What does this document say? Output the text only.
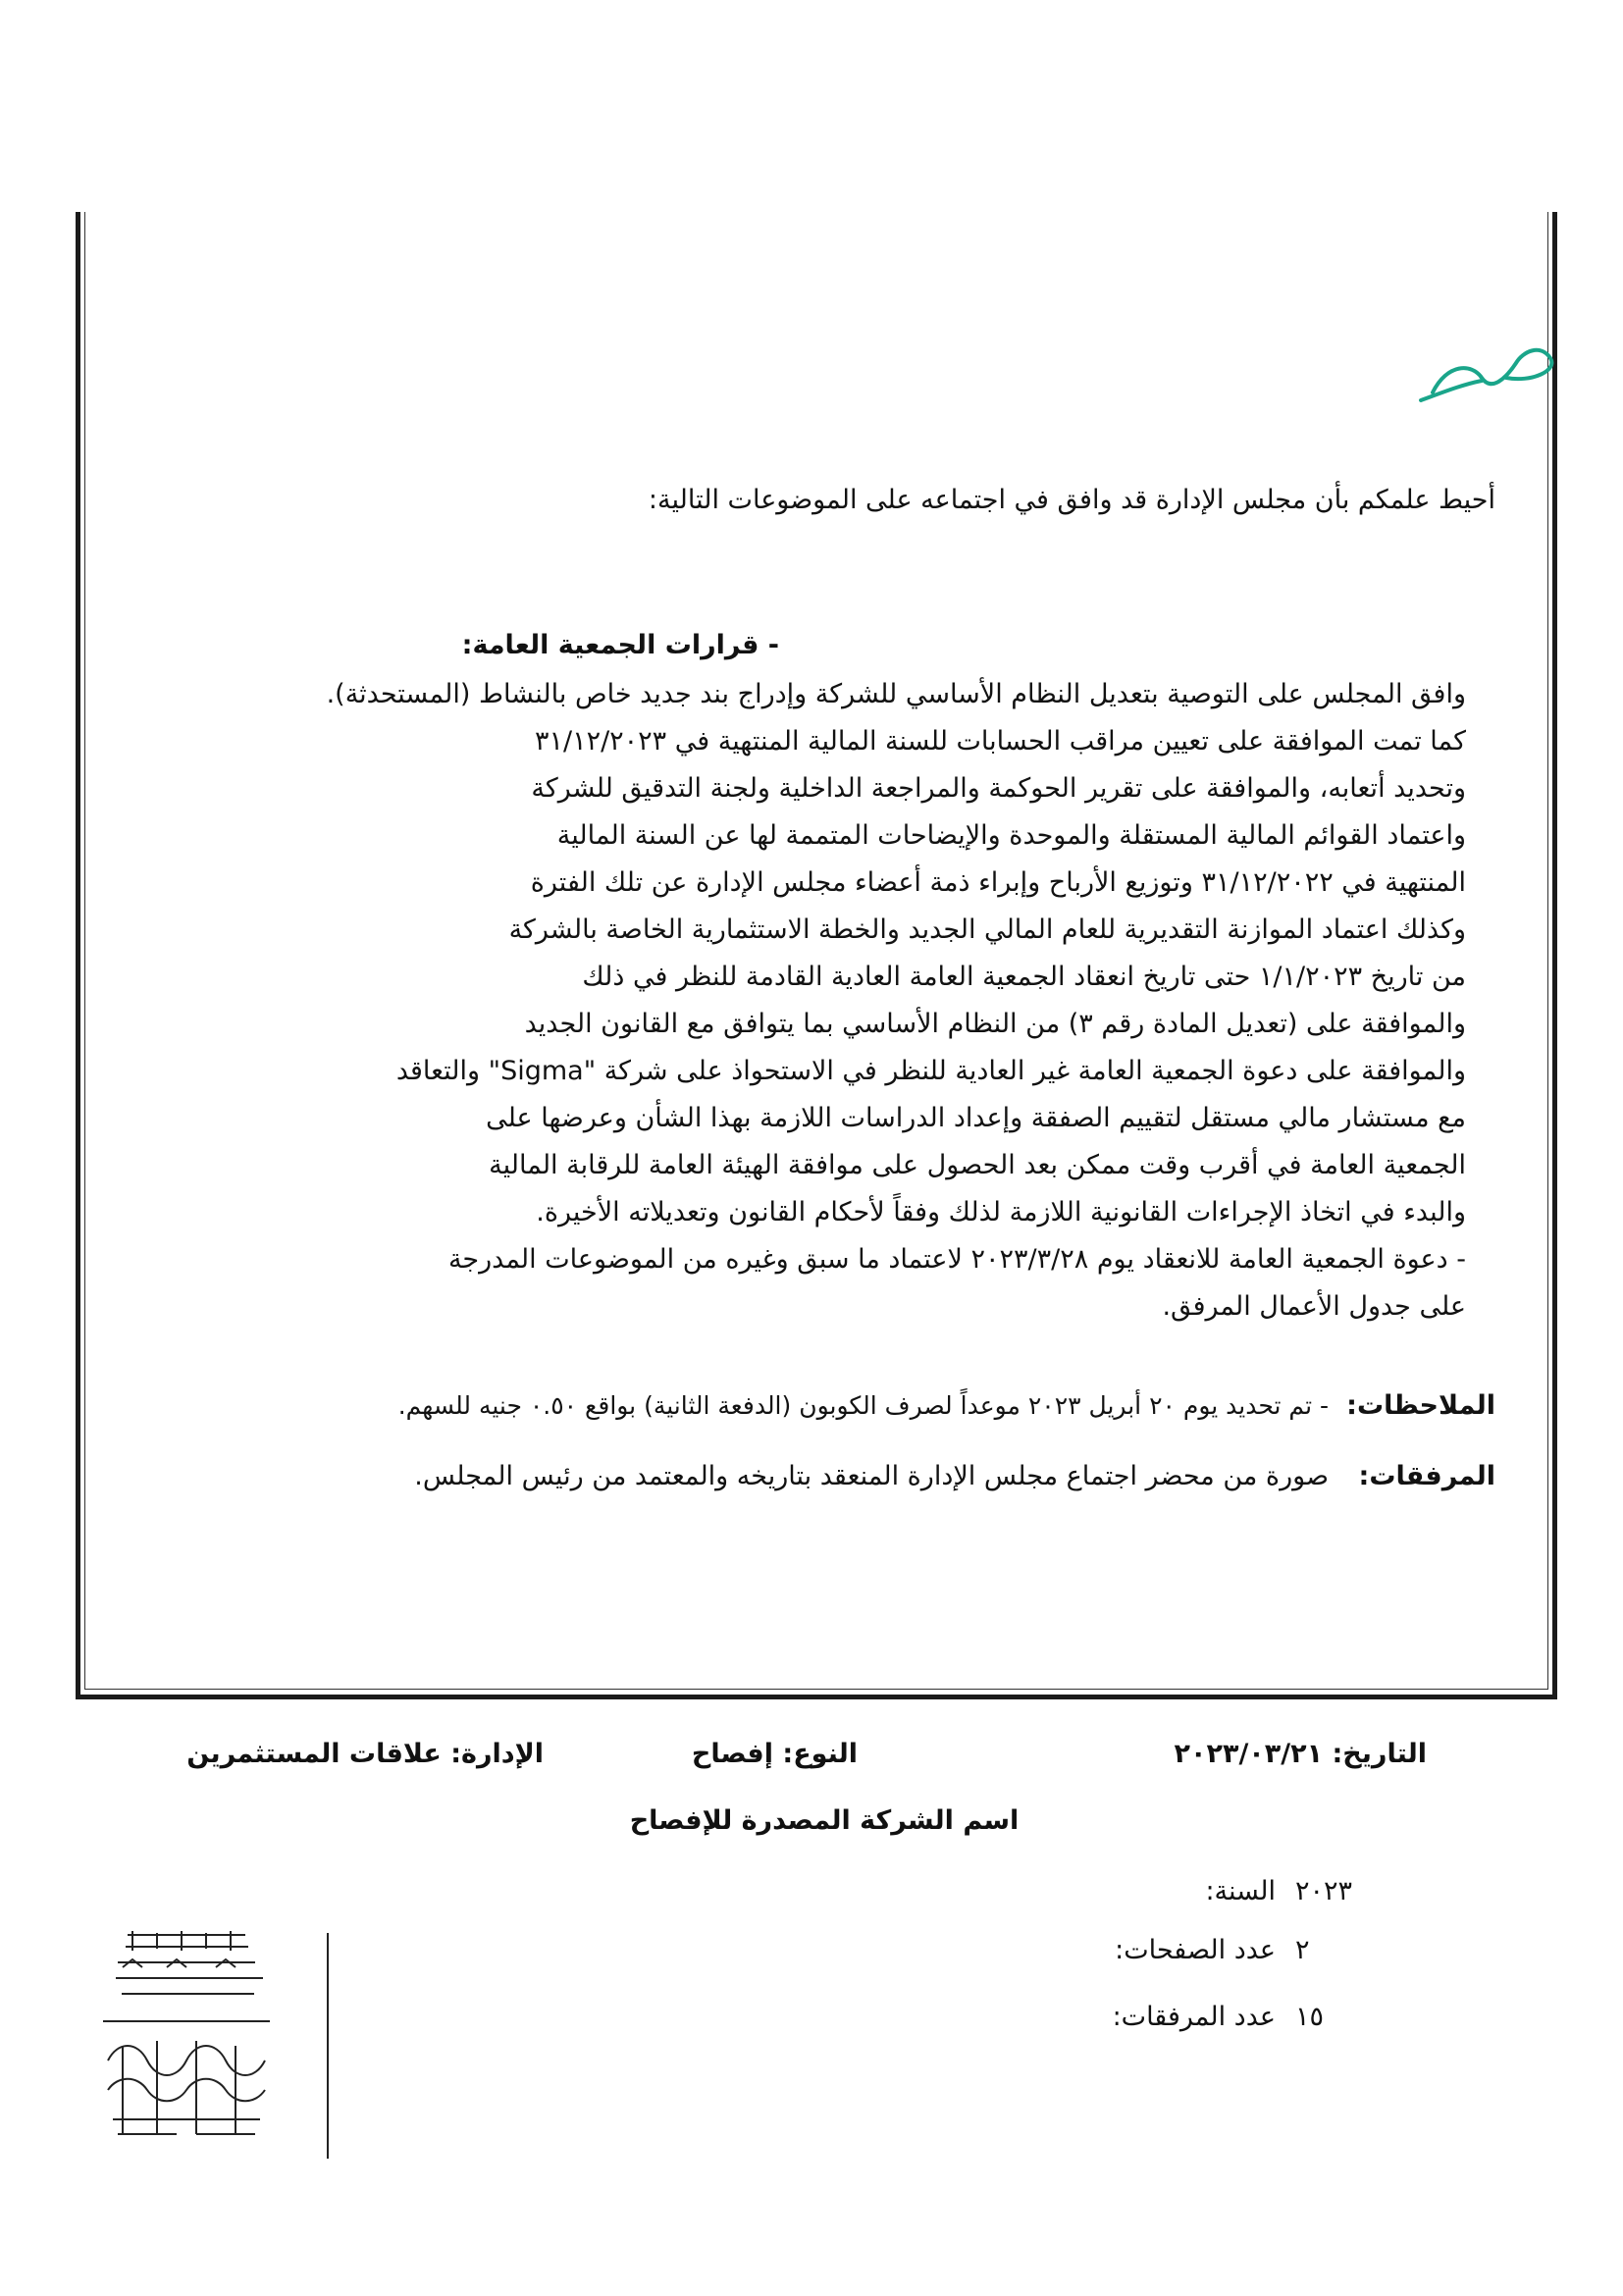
أحيط علمكم بأن مجلس الإدارة قد وافق في اجتماعه على الموضوعات التالية:
- قرارات الجمعية العامة:
وافق المجلس على التوصية بتعديل النظام الأساسي للشركة وإدراج بند جديد خاص بالنشاط (المستحدثة).
كما تمت الموافقة على تعيين مراقب الحسابات للسنة المالية المنتهية في ٣١/١٢/٢٠٢٣
وتحديد أتعابه، والموافقة على تقرير الحوكمة والمراجعة الداخلية ولجنة التدقيق للشركة
واعتماد القوائم المالية المستقلة والموحدة والإيضاحات المتممة لها عن السنة المالية
المنتهية في ٣١/١٢/٢٠٢٢ وتوزيع الأرباح وإبراء ذمة أعضاء مجلس الإدارة عن تلك الفترة
وكذلك اعتماد الموازنة التقديرية للعام المالي الجديد والخطة الاستثمارية الخاصة بالشركة
من تاريخ ١/١/٢٠٢٣ حتى تاريخ انعقاد الجمعية العامة العادية القادمة للنظر في ذلك
والموافقة على (تعديل المادة رقم ٣) من النظام الأساسي بما يتوافق مع القانون الجديد
والموافقة على دعوة الجمعية العامة غير العادية للنظر في الاستحواذ على شركة "Sigma" والتعاقد
مع مستشار مالي مستقل لتقييم الصفقة وإعداد الدراسات اللازمة بهذا الشأن وعرضها على
الجمعية العامة في أقرب وقت ممكن بعد الحصول على موافقة الهيئة العامة للرقابة المالية
والبدء في اتخاذ الإجراءات القانونية اللازمة لذلك وفقاً لأحكام القانون وتعديلاته الأخيرة.
- دعوة الجمعية العامة للانعقاد يوم ٢٠٢٣/٣/٢٨ لاعتماد ما سبق وغيره من الموضوعات المدرجة
على جدول الأعمال المرفق.
الملاحظات:
- تم تحديد يوم ٢٠ أبريل ٢٠٢٣ موعداً لصرف الكوبون (الدفعة الثانية) بواقع ٠.٥٠ جنيه للسهم.
المرفقات:
صورة من محضر اجتماع مجلس الإدارة المنعقد بتاريخه والمعتمد من رئيس المجلس.
التاريخ: ٢٠٢٣/٠٣/٢١
النوع: إفصاح
الإدارة: علاقات المستثمرين
اسم الشركة المصدرة للإفصاح
السنة: ٢٠٢٣
عدد الصفحات: ٢
عدد المرفقات: ١٥
